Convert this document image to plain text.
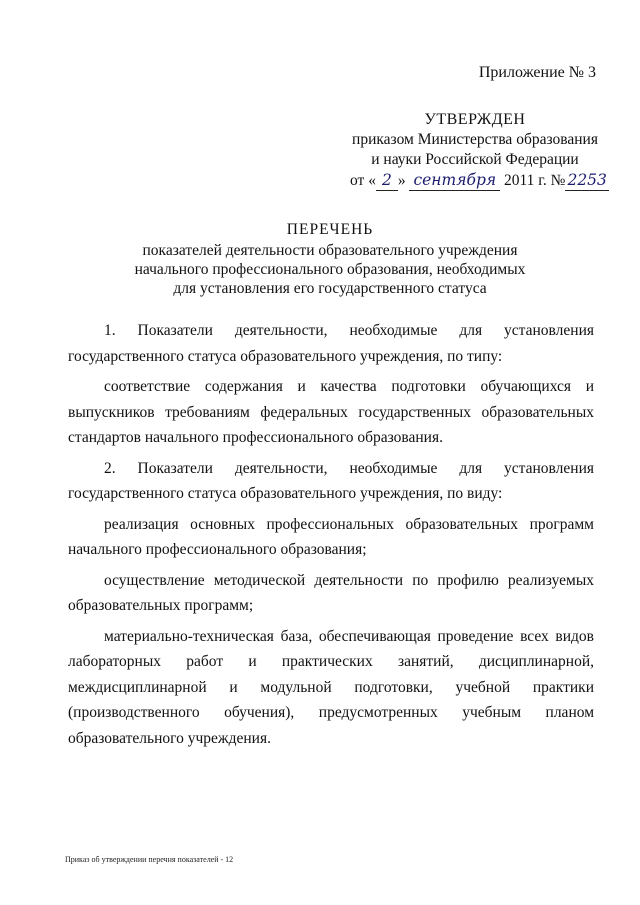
Приложение № 3
УТВЕРЖДЕН
приказом Министерства образования
и науки Российской Федерации
от « 2 » сентября 2011 г. № 2253
ПЕРЕЧЕНЬ
показателей деятельности образовательного учреждения
начального профессионального образования, необходимых
для установления его государственного статуса

1. Показатели деятельности, необходимые для установления государственного статуса образовательного учреждения, по типу:

соответствие содержания и качества подготовки обучающихся и выпускников требованиям федеральных государственных образовательных стандартов начального профессионального образования.

2. Показатели деятельности, необходимые для установления государственного статуса образовательного учреждения, по виду:

реализация основных профессиональных образовательных программ начального профессионального образования;

осуществление методической деятельности по профилю реализуемых образовательных программ;

материально-техническая база, обеспечивающая проведение всех видов лабораторных работ и практических занятий, дисциплинарной, междисциплинарной и модульной подготовки, учебной практики (производственного обучения), предусмотренных учебным планом образовательного учреждения.

Приказ об утверждении перечня показателей - 12
